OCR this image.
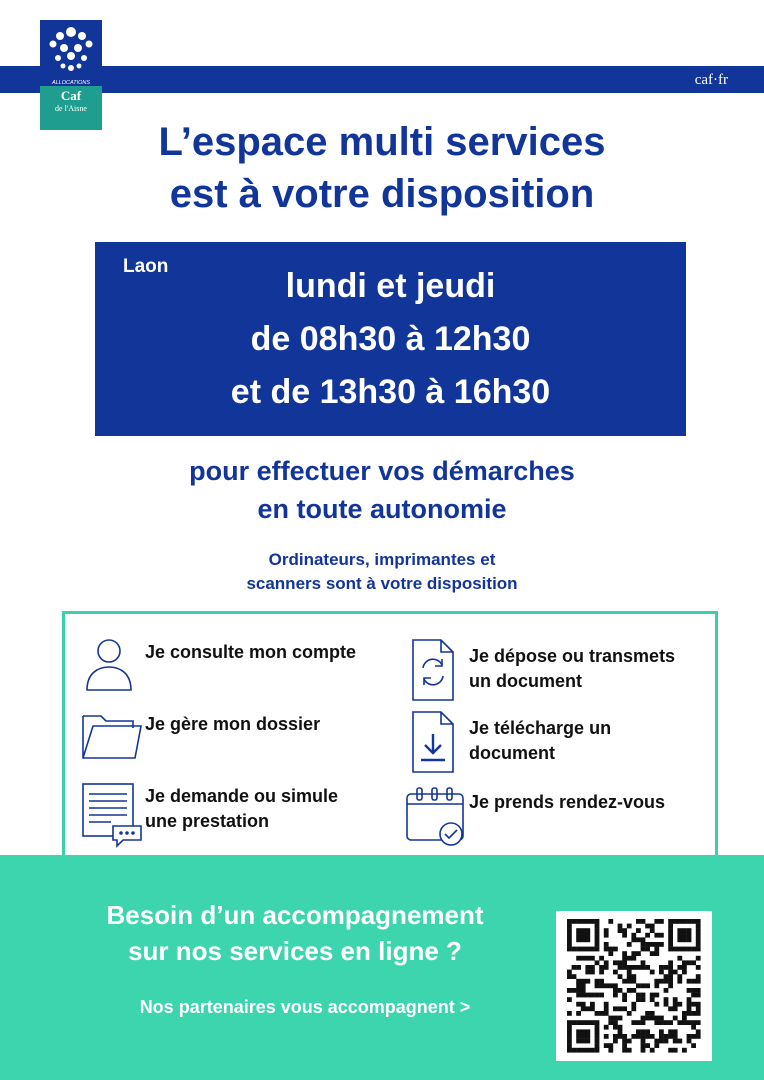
caf·fr
ALLOCATIONS
Caf
de l'Aisne
L’espace multi services
est à votre disposition
Laon
lundi et jeudi
de 08h30 à 12h30
et de 13h30 à 16h30
pour effectuer vos démarches
en toute autonomie
Ordinateurs, imprimantes et
scanners sont à votre disposition
Je consulte mon compte
Je gère mon dossier
Je demande ou simule
une prestation
Je dépose ou transmets
un document
Je télécharge un
document
Je prends rendez-vous
Besoin d’un accompagnement
sur nos services en ligne ?
Nos partenaires vous accompagnent >
